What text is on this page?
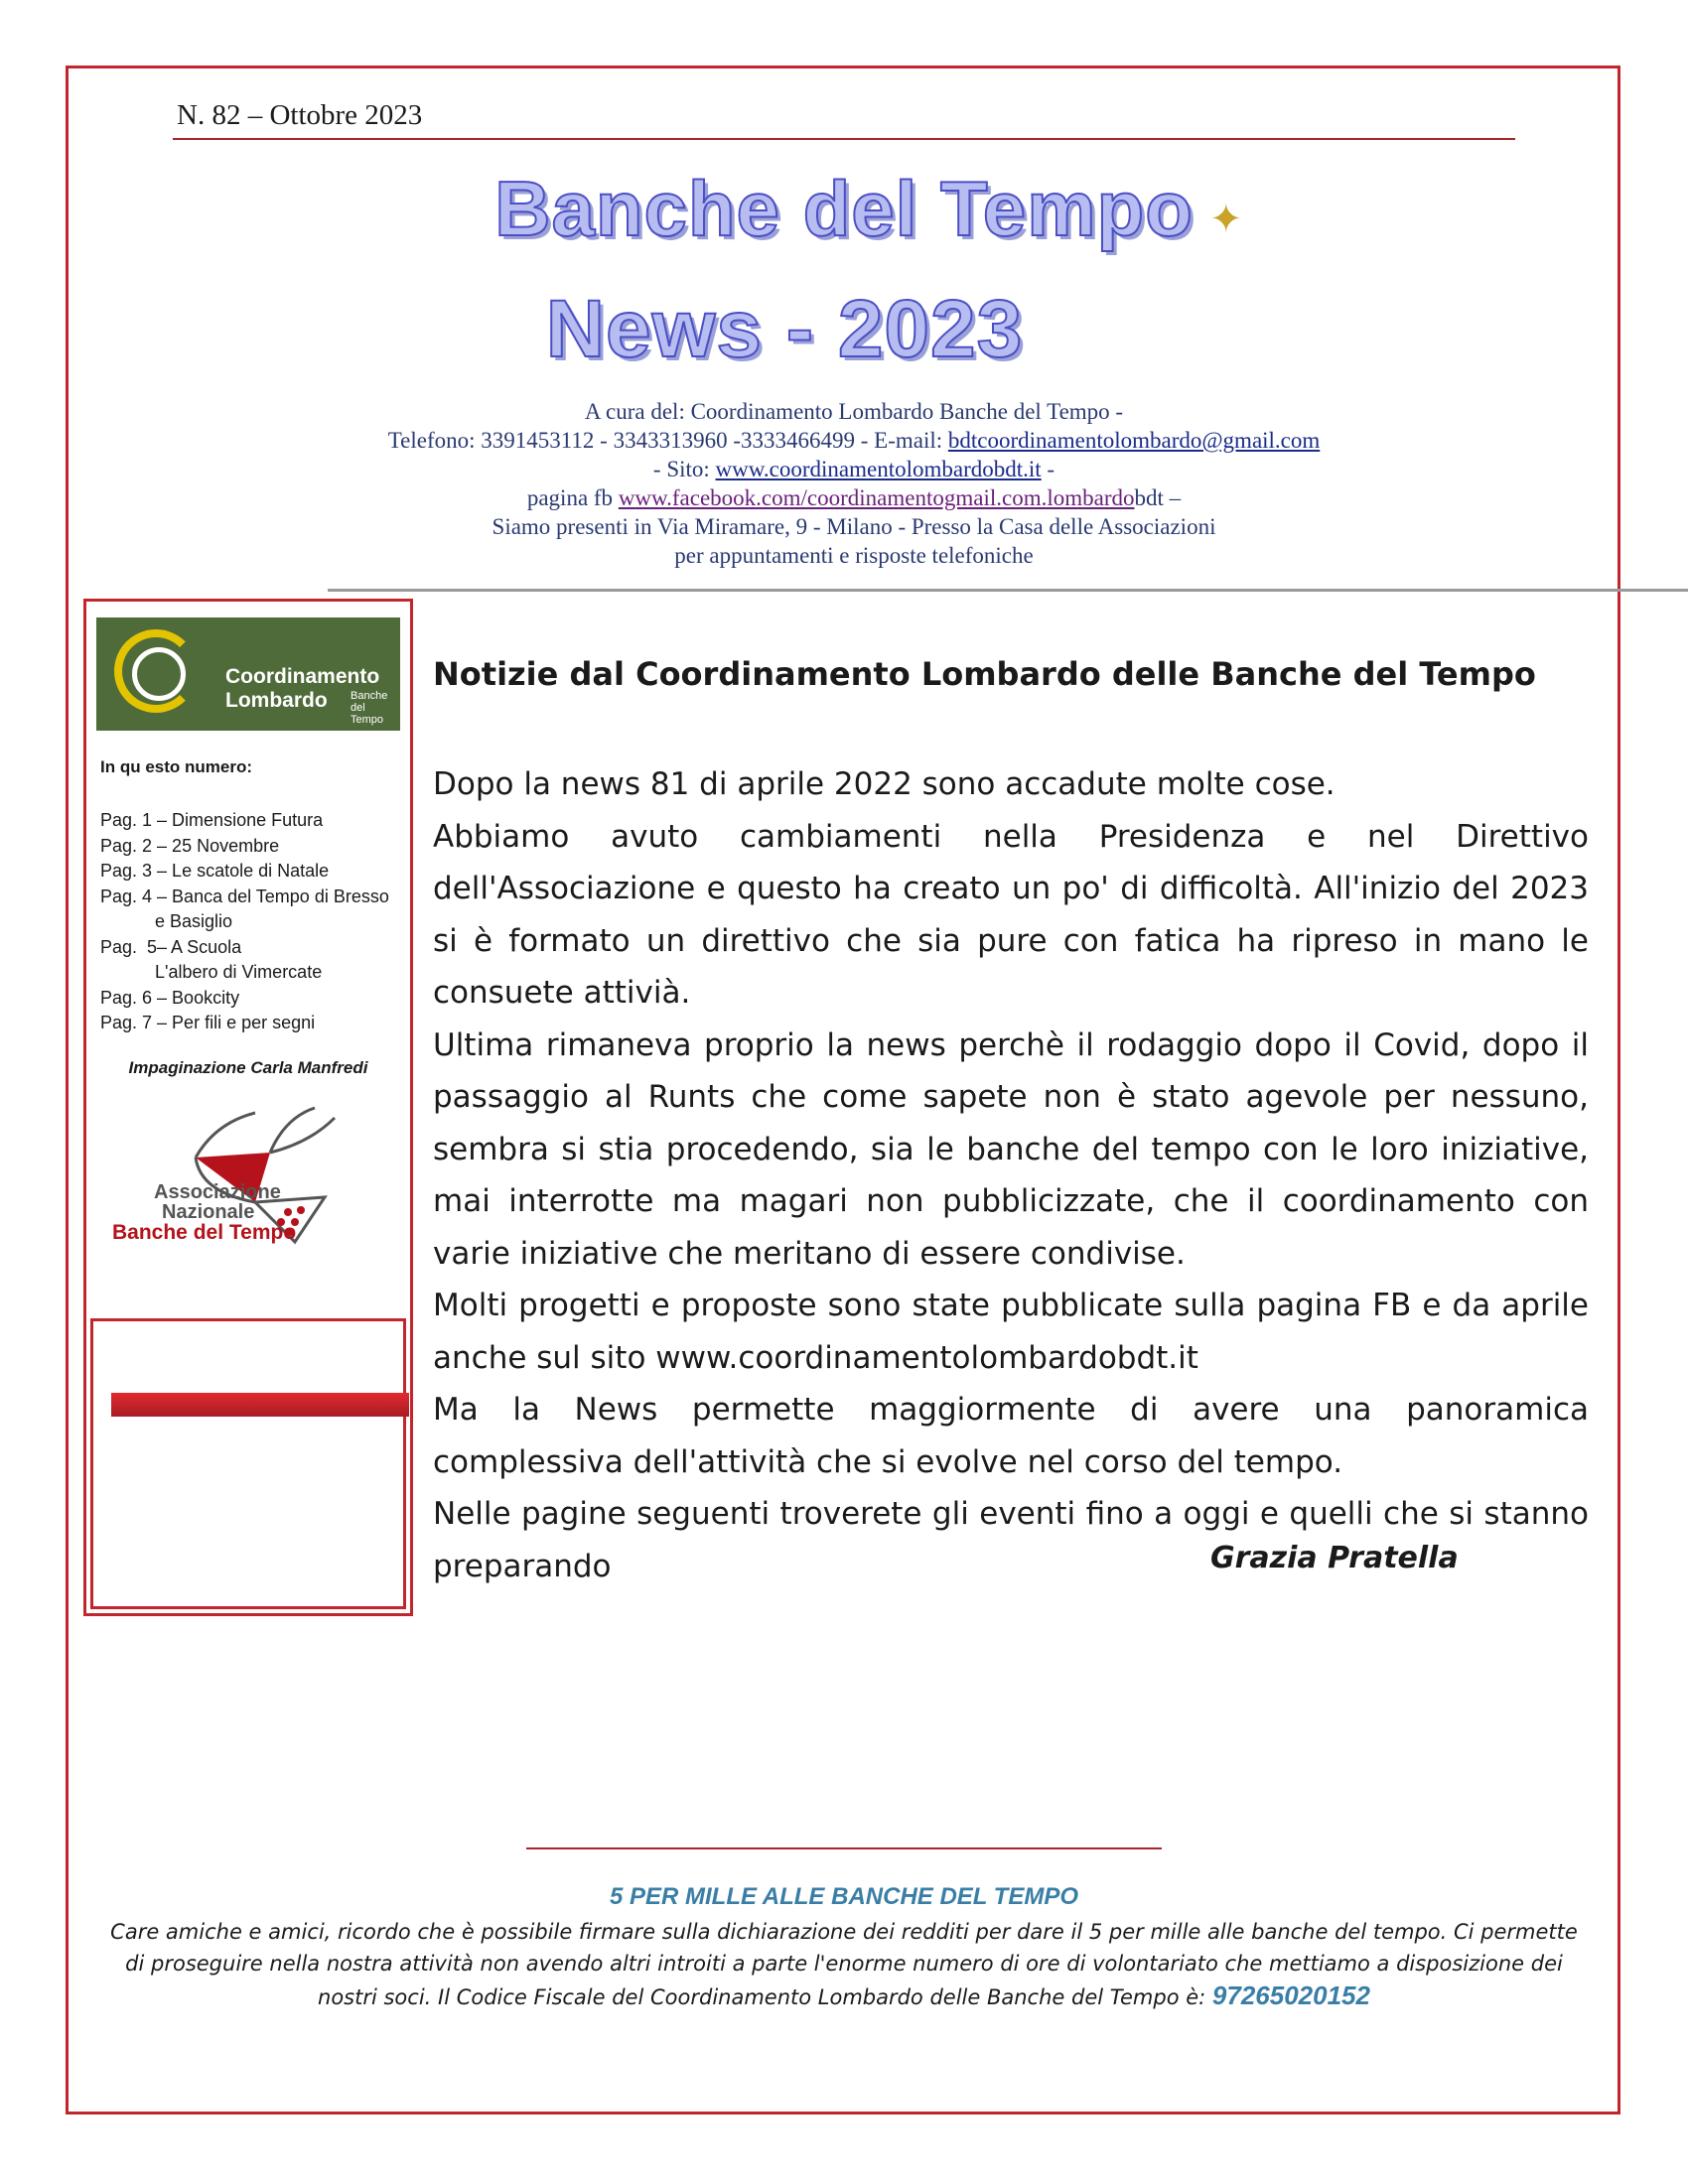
N. 82 – Ottobre 2023
Banche del Tempo ✦
News - 2023
A cura del: Coordinamento Lombardo Banche del Tempo -
Telefono: 3391453112 - 3343313960 -3333466499 - E-mail: bdtcoordinamentolombardo@gmail.com
- Sito: www.coordinamentolombardobdt.it -
pagina fb www.facebook.com/coordinamentogmail.com.lombardobdt –
Siamo presenti in Via Miramare, 9 - Milano - Presso la Casa delle Associazioni
per appuntamenti e risposte telefoniche
Coordinamento
Lombardo Banche
del Tempo
In qu esto numero:
Pag. 1 – Dimensione Futura
Pag. 2 – 25 Novembre
Pag. 3 – Le scatole di Natale
Pag. 4 – Banca del Tempo di Bresso
e Basiglio
Pag.  5– A Scuola
L'albero di Vimercate
Pag. 6 – Bookcity
Pag. 7 – Per fili e per segni
Impaginazione Carla Manfredi
Associazione
Nazionale
Banche del Tempo
Notizie dal Coordinamento Lombardo delle Banche del Tempo

Dopo la news 81 di aprile 2022 sono accadute molte cose.

Abbiamo avuto cambiamenti nella Presidenza e nel Direttivo dell'Associazione e questo ha creato un po' di difficoltà. All'inizio del 2023 si è formato un direttivo che sia pure con fatica ha ripreso in mano le consuete attivià.

Ultima rimaneva proprio la news perchè il rodaggio dopo il Covid, dopo il passaggio al Runts che come sapete non è stato agevole per nessuno, sembra si stia procedendo, sia le banche del tempo con le loro iniziative, mai interrotte ma magari non pubblicizzate, che il coordinamento con varie iniziative che meritano di essere condivise.

Molti progetti e proposte sono state pubblicate sulla pagina FB e da aprile anche sul sito www.coordinamentolombardobdt.it

Ma la News permette maggiormente di avere una panoramica complessiva dell'attività che si evolve nel corso del tempo.

Nelle pagine seguenti troverete gli eventi fino a oggi e quelli che si stanno preparando	Grazia Pratella
5 PER MILLE ALLE BANCHE DEL TEMPO
Care amiche e amici, ricordo che è possibile firmare sulla dichiarazione dei redditi per dare il 5 per mille alle banche del tempo. Ci permette di proseguire nella nostra attività non avendo altri introiti a parte l'enorme numero di ore di volontariato che mettiamo a disposizione dei nostri soci. Il Codice Fiscale del Coordinamento Lombardo delle Banche del Tempo è: 97265020152
